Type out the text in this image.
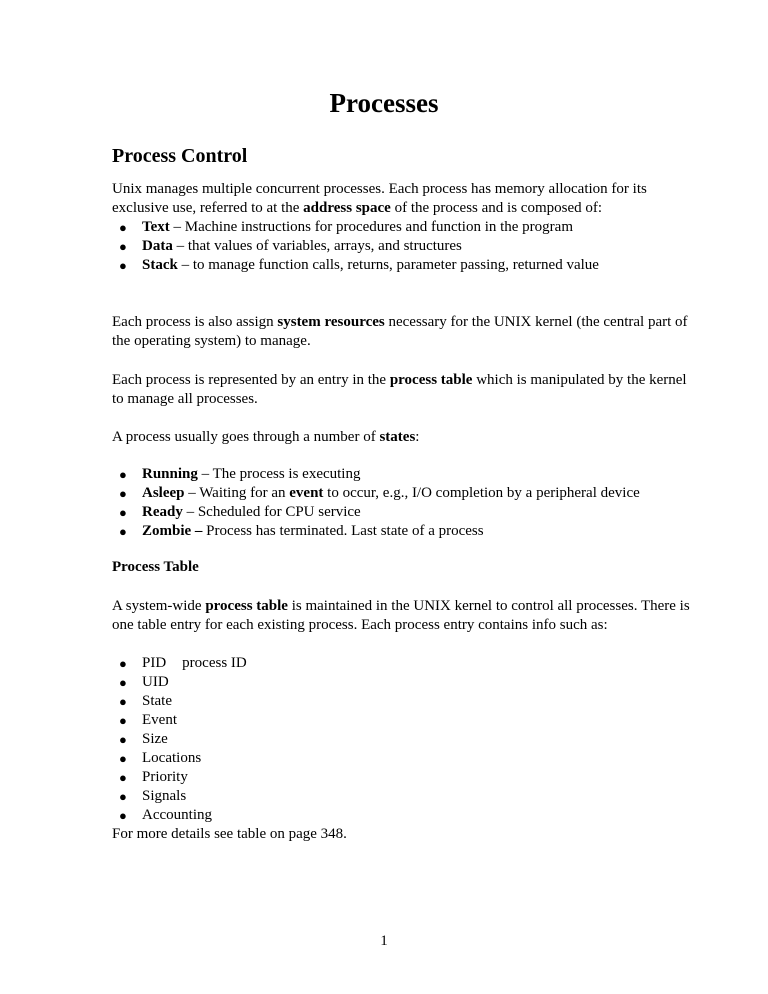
Processes
Process Control
Unix manages multiple concurrent processes. Each process has memory allocation for its
exclusive use, referred to at the address space of the process and is composed of:
● Text – Machine instructions for procedures and function in the program
● Data – that values of variables, arrays, and structures
● Stack – to manage function calls, returns, parameter passing, returned value
Each process is also assign system resources necessary for the UNIX kernel (the central part of
the operating system) to manage.
Each process is represented by an entry in the process table which is manipulated by the kernel
to manage all processes.
A process usually goes through a number of states:
● Running – The process is executing
● Asleep – Waiting for an event to occur, e.g., I/O completion by a peripheral device
● Ready – Scheduled for CPU service
● Zombie – Process has terminated. Last state of a process
Process Table
A system-wide process table is maintained in the UNIX kernel to control all processes. There is
one table entry for each existing process. Each process entry contains info such as:
● PID process ID
● UID
● State
● Event
● Size
● Locations
● Priority
● Signals
● Accounting
For more details see table on page 348.
1
